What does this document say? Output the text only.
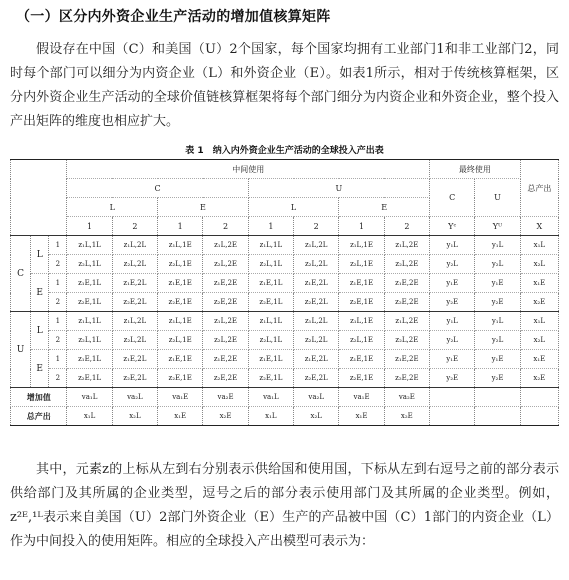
（一）区分内外资企业生产活动的增加值核算矩阵

假设存在中国（C）和美国（U）2个国家，每个国家均拥有工业部门1和非工业部门2，同时每个部门可以细分为内资企业（L）和外资企业（E）。如表1所示，相对于传统核算框架，区分内外资企业生产活动的全球价值链核算框架将每个部门细分为内资企业和外资企业，整个投入产出矩阵的维度也相应扩大。

表 1　纳入内外资企业生产活动的全球投入产出表
			中间使用								最终使用		总产出
			C				U				C	U	
			L		E		L		E				
			1	2	1	2	1	2	1	2	Yᶜ	Yᵁ	X
C	L	1	z₁L,1L	z₁L,2L	z₁L,1E	z₁L,2E	z₁L,1L	z₁L,2L	z₁L,1E	z₁L,2E	y₁L	y₁L	x₁L
		2	z₂L,1L	z₂L,2L	z₂L,1E	z₂L,2E	z₂L,1L	z₂L,2L	z₂L,1E	z₂L,2E	y₂L	y₂L	x₂L
	E	1	z₁E,1L	z₁E,2L	z₁E,1E	z₁E,2E	z₁E,1L	z₁E,2L	z₁E,1E	z₁E,2E	y₁E	y₁E	x₁E
		2	z₂E,1L	z₂E,2L	z₂E,1E	z₂E,2E	z₂E,1L	z₂E,2L	z₂E,1E	z₂E,2E	y₂E	y₂E	x₂E
U	L	1	z₁L,1L	z₁L,2L	z₁L,1E	z₁L,2E	z₁L,1L	z₁L,2L	z₁L,1E	z₁L,2E	y₁L	y₁L	x₁L
		2	z₂L,1L	z₂L,2L	z₂L,1E	z₂L,2E	z₂L,1L	z₂L,2L	z₂L,1E	z₂L,2E	y₂L	y₂L	x₂L
	E	1	z₁E,1L	z₁E,2L	z₁E,1E	z₁E,2E	z₁E,1L	z₁E,2L	z₁E,1E	z₁E,2E	y₁E	y₁E	x₁E
		2	z₂E,1L	z₂E,2L	z₂E,1E	z₂E,2E	z₂E,1L	z₂E,2L	z₂E,1E	z₂E,2E	y₂E	y₂E	x₂E
增加值			va₁L	va₂L	va₁E	va₂E	va₁L	va₂L	va₁E	va₂E			
总产出			x₁L	x₂L	x₁E	x₂E	x₁L	x₂L	x₁E	x₂E			

其中，元素z的上标从左到右分别表示供给国和使用国，下标从左到右逗号之前的部分表示供给部门及其所属的企业类型，逗号之后的部分表示使用部门及其所属的企业类型。例如，z²ᴱ,¹ᴸ表示来自美国（U）2部门外资企业（E）生产的产品被中国（C）1部门的内资企业（L）作为中间投入的使用矩阵。相应的全球投入产出模型可表示为：
